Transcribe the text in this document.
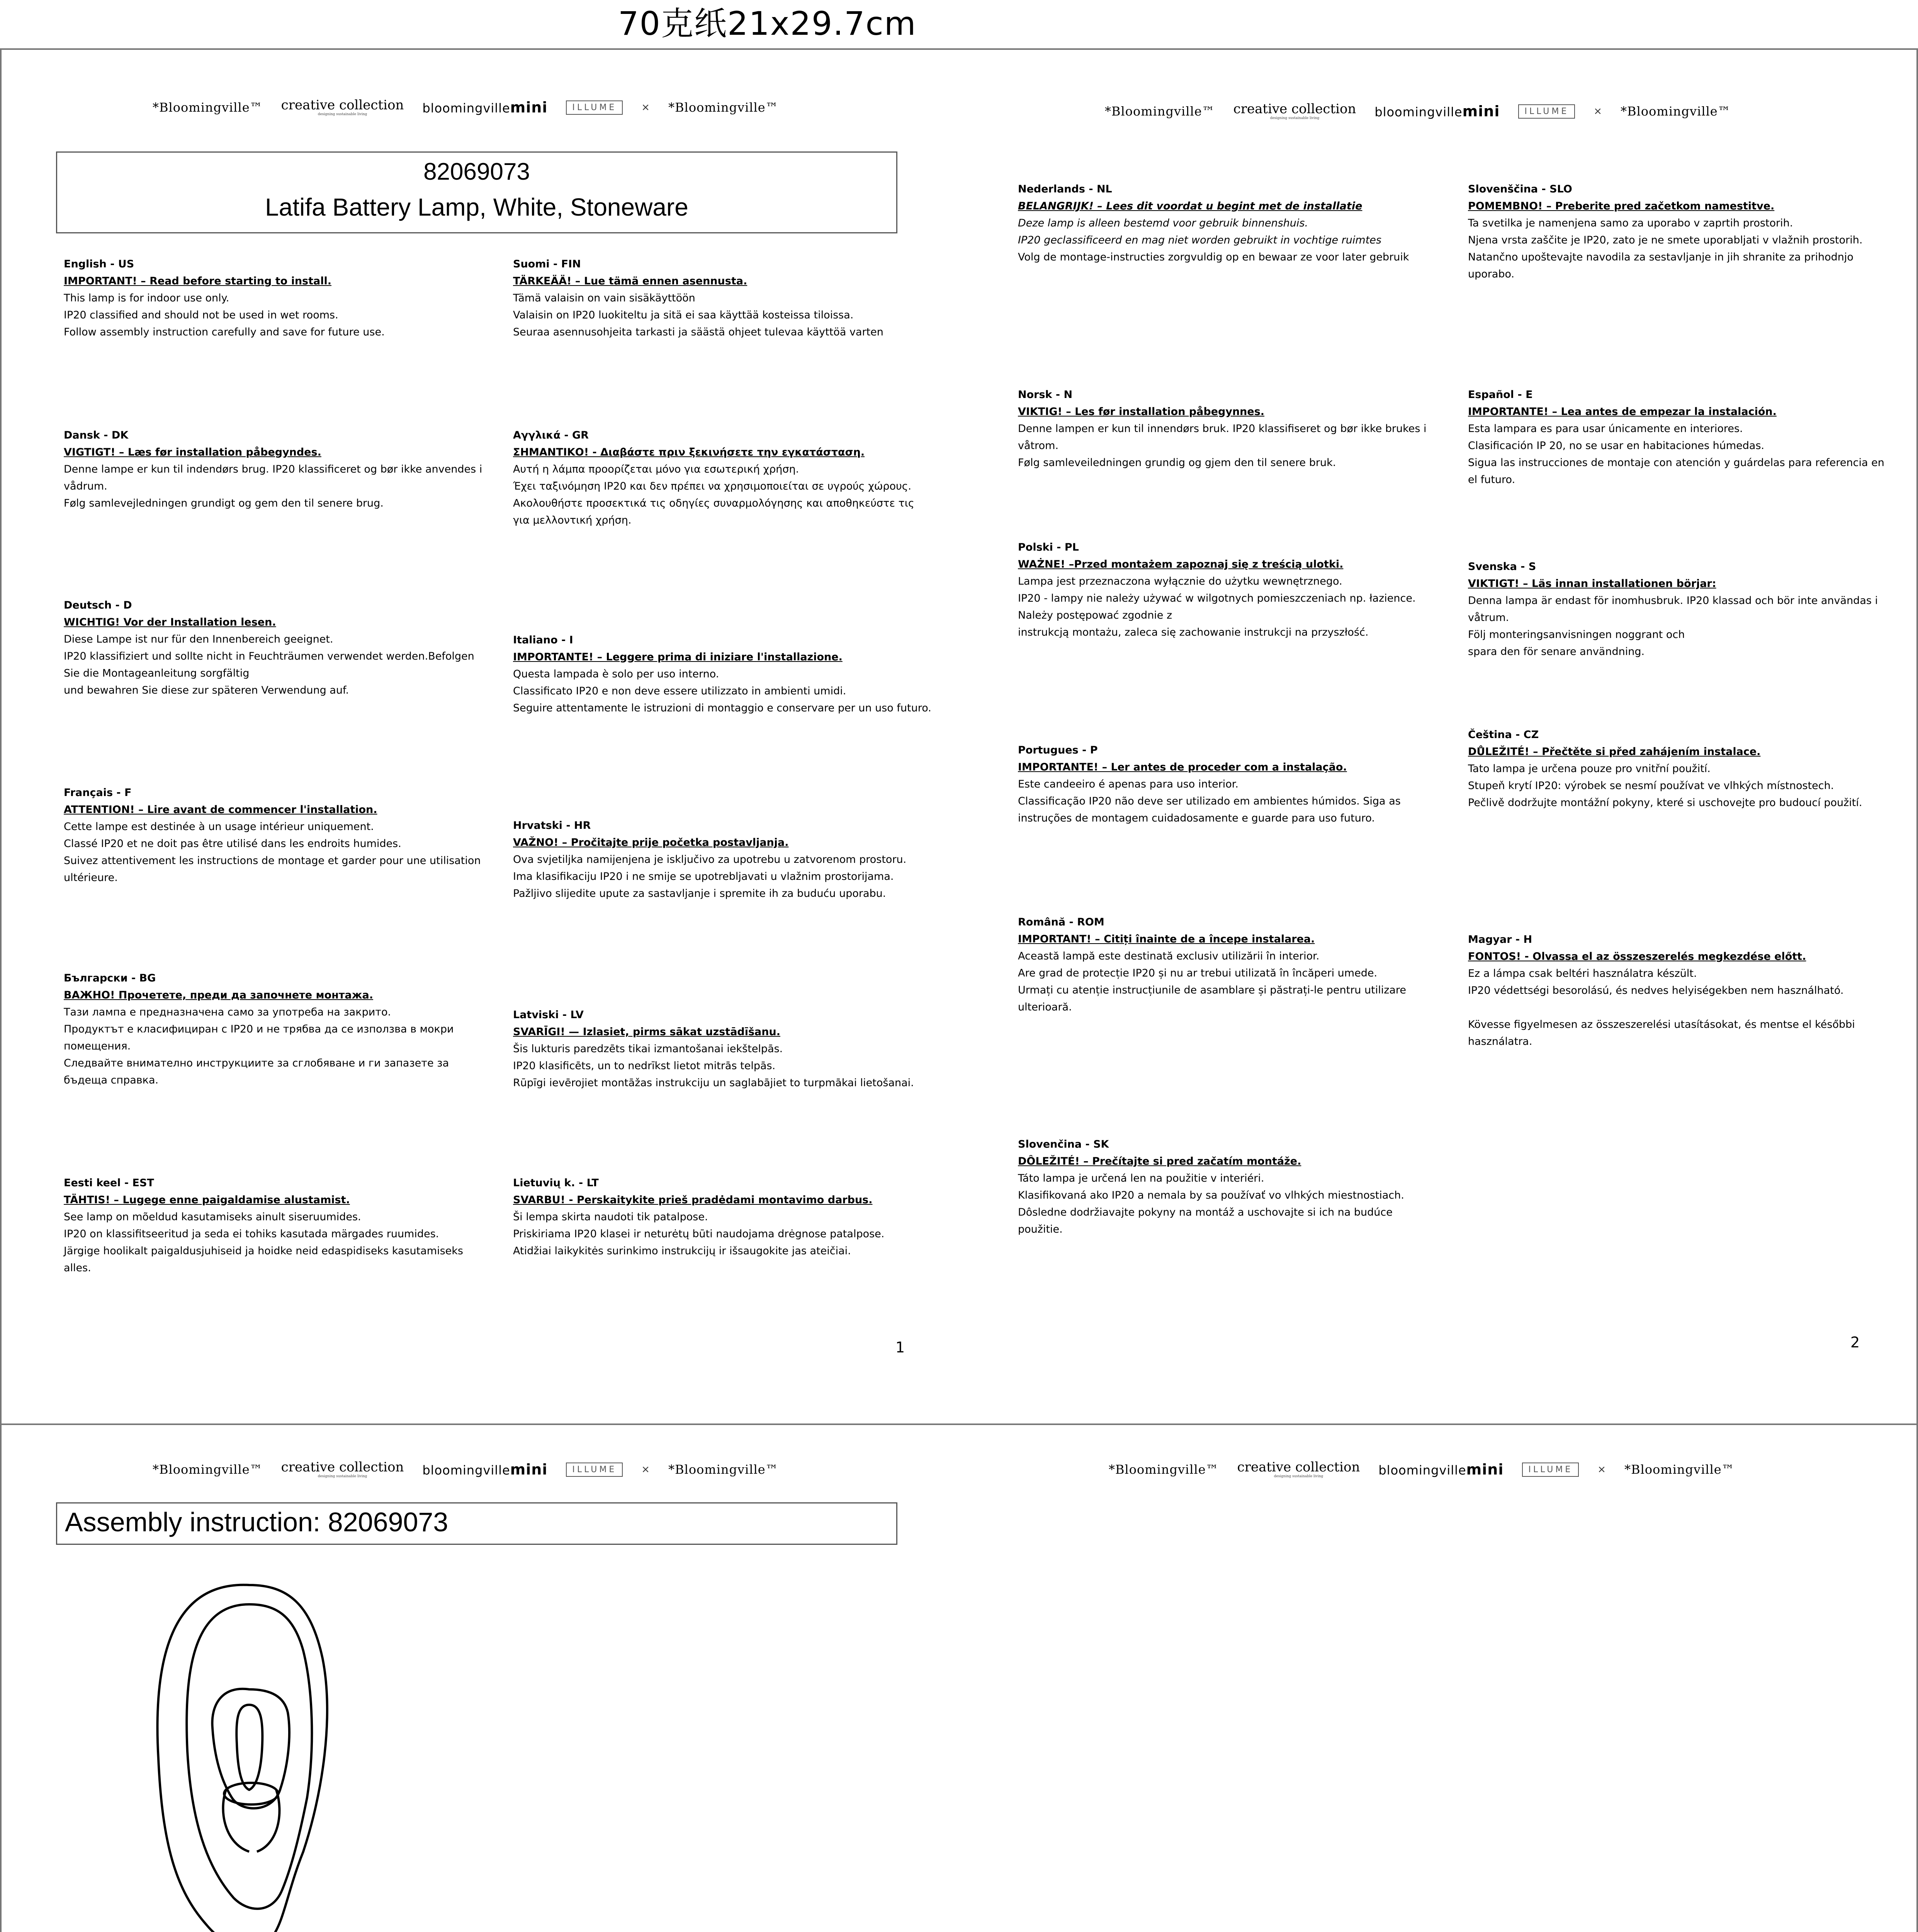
70克纸21x29.7cm
*Bloomingville™ creative collection
designing sustainable living	bloomingvillemini	ILLUME	× *Bloomingville™	*Bloomingville™ creative collection
designing sustainable living	bloomingvillemini	ILLUME	× *Bloomingville™
*Bloomingville™ creative collection
designing sustainable living	bloomingvillemini	ILLUME	× *Bloomingville™	*Bloomingville™ creative collection
designing sustainable living	bloomingvillemini	ILLUME	× *Bloomingville™
82069073
Latifa Battery Lamp, White, Stoneware

English - US

IMPORTANT! – Read before starting to install.

This lamp is for indoor use only.

IP20 classified and should not be used in wet rooms.

Follow assembly instruction carefully and save for future use.

Suomi - FIN

TÄRKEÄÄ! – Lue tämä ennen asennusta.

Tämä valaisin on vain sisäkäyttöön

Valaisin on IP20 luokiteltu ja sitä ei saa käyttää kosteissa tiloissa.

Seuraa asennusohjeita tarkasti ja säästä ohjeet tulevaa käyttöä varten

Dansk - DK

VIGTIGT! – Læs før installation påbegyndes.

Denne lampe er kun til indendørs brug. IP20 klassificeret og bør ikke anvendes i vådrum.

Følg samlevejledningen grundigt og gem den til senere brug.

Αγγλικά - GR

ΣΗΜΑΝΤΙΚΟ! - Διαβάστε πριν ξεκινήσετε την εγκατάσταση.

Αυτή η λάμπα προορίζεται μόνο για εσωτερική χρήση.

Έχει ταξινόμηση IP20 και δεν πρέπει να χρησιμοποιείται σε υγρούς χώρους.

Ακολουθήστε προσεκτικά τις οδηγίες συναρμολόγησης και αποθηκεύστε τις για μελλοντική χρήση.

Deutsch - D

WICHTIG! Vor der Installation lesen.

Diese Lampe ist nur für den Innenbereich geeignet.

IP20 klassifiziert und sollte nicht in Feuchträumen verwendet werden.Befolgen Sie die Montageanleitung sorgfältig

und bewahren Sie diese zur späteren Verwendung auf.

Italiano - I

IMPORTANTE! – Leggere prima di iniziare l'installazione.

Questa lampada è solo per uso interno.

Classificato IP20 e non deve essere utilizzato in ambienti umidi.

Seguire attentamente le istruzioni di montaggio e conservare per un uso futuro.

Français - F

ATTENTION! – Lire avant de commencer l'installation.

Cette lampe est destinée à un usage intérieur uniquement.

Classé IP20 et ne doit pas être utilisé dans les endroits humides.

Suivez attentivement les instructions de montage et garder pour une utilisation ultérieure.

Hrvatski - HR

VAŽNO! – Pročitajte prije početka postavljanja.

Ova svjetiljka namijenjena je isključivo za upotrebu u zatvorenom prostoru.

Ima klasifikaciju IP20 i ne smije se upotrebljavati u vlažnim prostorijama.

Pažljivo slijedite upute za sastavljanje i spremite ih za buduću uporabu.

Български - BG

ВАЖНО! Прочетете, преди да започнете монтажа.

Тази лампа е предназначена само за употреба на закрито.

Продуктът е класифициран с IP20 и не трябва да се използва в мокри помещения.

Следвайте внимателно инструкциите за сглобяване и ги запазете за бъдеща справка.

Latviski - LV

SVARĪGI! — Izlasiet, pirms sākat uzstādīšanu.

Šis lukturis paredzēts tikai izmantošanai iekštelpās.

IP20 klasificēts, un to nedrīkst lietot mitrās telpās.

Rūpīgi ievērojiet montāžas instrukciju un saglabājiet to turpmākai lietošanai.

Eesti keel - EST

TÄHTIS! – Lugege enne paigaldamise alustamist.

See lamp on mõeldud kasutamiseks ainult siseruumides.

IP20 on klassifitseeritud ja seda ei tohiks kasutada märgades ruumides.

Järgige hoolikalt paigaldusjuhiseid ja hoidke neid edaspidiseks kasutamiseks alles.

Lietuvių k. - LT

SVARBU! - Perskaitykite prieš pradėdami montavimo darbus.

Ši lempa skirta naudoti tik patalpose.

Priskiriama IP20 klasei ir neturėtų būti naudojama drėgnose patalpose.

Atidžiai laikykitės surinkimo instrukcijų ir išsaugokite jas ateičiai.

Nederlands - NL

BELANGRIJK! – Lees dit voordat u begint met de installatie

Deze lamp is alleen bestemd voor gebruik binnenshuis.

IP20 geclassificeerd en mag niet worden gebruikt in vochtige ruimtes

Volg de montage-instructies zorgvuldig op en bewaar ze voor later gebruik

Slovenščina - SLO

POMEMBNO! – Preberite pred začetkom namestitve.

Ta svetilka je namenjena samo za uporabo v zaprtih prostorih.

Njena vrsta zaščite je IP20, zato je ne smete uporabljati v vlažnih prostorih.

Natančno upoštevajte navodila za sestavljanje in jih shranite za prihodnjo uporabo.

Norsk - N

VIKTIG! – Les før installation påbegynnes.

Denne lampen er kun til innendørs bruk. IP20 klassifiseret og bør ikke brukes i våtrom.

Følg samleveiledningen grundig og gjem den til senere bruk.

Español - E

IMPORTANTE! – Lea antes de empezar la instalación.

Esta lampara es para usar únicamente en interiores.

Clasificación IP 20, no se usar en habitaciones húmedas.

Sigua las instrucciones de montaje con atención y guárdelas para referencia en el futuro.

Polski - PL

WAŻNE! –Przed montażem zapoznaj się z treścią ulotki.

Lampa jest przeznaczona wyłącznie do użytku wewnętrznego.

IP20 - lampy nie należy używać w wilgotnych pomieszczeniach np. łazience. Należy postępować zgodnie z

instrukcją montażu, zaleca się zachowanie instrukcji na przyszłość.

Svenska - S

VIKTIGT! – Läs innan installationen börjar:

Denna lampa är endast för inomhusbruk. IP20 klassad och bör inte användas i våtrum.

Följ monteringsanvisningen noggrant och

spara den för senare användning.

Portugues - P

IMPORTANTE! – Ler antes de proceder com a instalação.

Este candeeiro é apenas para uso interior.

Classificação IP20 não deve ser utilizado em ambientes húmidos. Siga as instruções de montagem cuidadosamente e guarde para uso futuro.

Čeština - CZ

DŮLEŽITÉ! – Přečtěte si před zahájením instalace.

Tato lampa je určena pouze pro vnitřní použití.

Stupeň krytí IP20: výrobek se nesmí používat ve vlhkých místnostech.

Pečlivě dodržujte montážní pokyny, které si uschovejte pro budoucí použití.

Română - ROM

IMPORTANT! – Citiți înainte de a începe instalarea.

Această lampă este destinată exclusiv utilizării în interior.

Are grad de protecție IP20 și nu ar trebui utilizată în încăperi umede.

Urmați cu atenție instrucțiunile de asamblare și păstrați-le pentru utilizare ulterioară.

Magyar - H

FONTOS! - Olvassa el az összeszerelés megkezdése előtt.

Ez a lámpa csak beltéri használatra készült.

IP20 védettségi besorolású, és nedves helyiségekben nem használható.

Kövesse figyelmesen az összeszerelési utasításokat, és mentse el későbbi használatra.

Slovenčina - SK

DÔLEŽITÉ! – Prečítajte si pred začatím montáže.

Táto lampa je určená len na použitie v interiéri.

Klasifikovaná ako IP20 a nemala by sa používať vo vlhkých miestnostiach.

Dôsledne dodržiavajte pokyny na montáž a uschovajte si ich na budúce použitie.

Assembly instruction: 82069073
1	2
